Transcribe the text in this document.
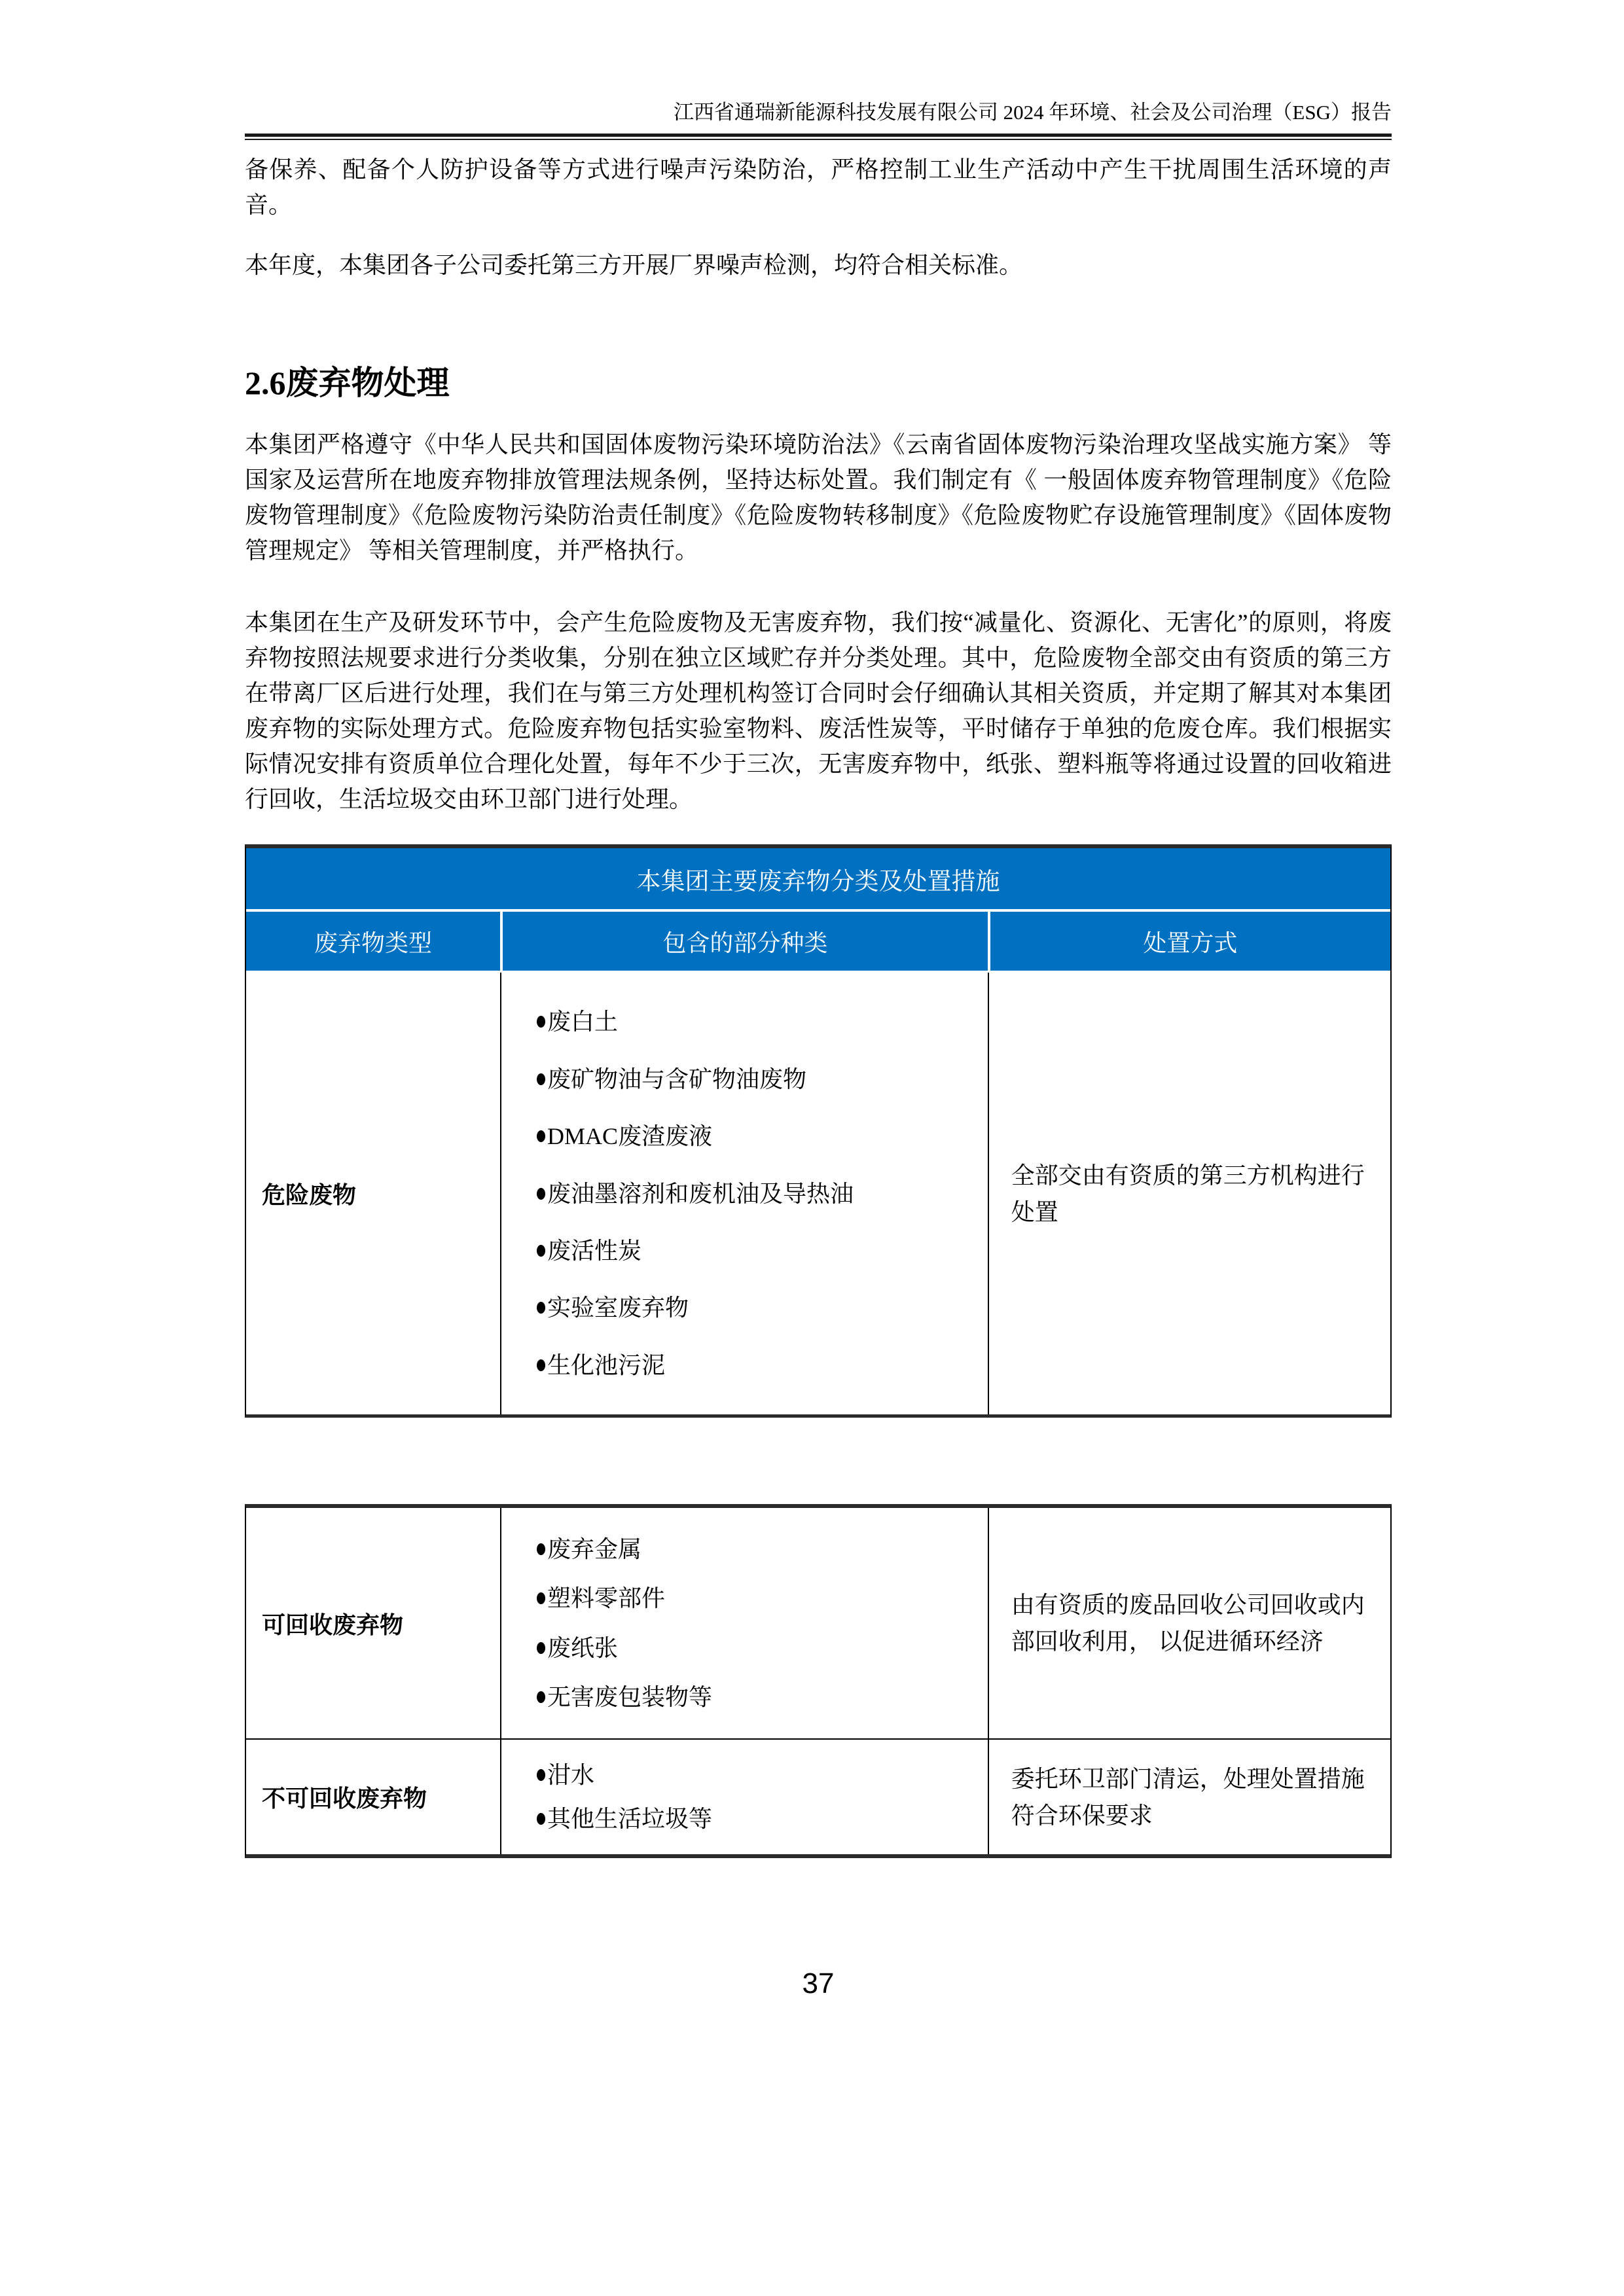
江西省通瑞新能源科技发展有限公司 2024 年环境、社会及公司治理（ESG）报告
备保养、配备个人防护设备等方式进行噪声污染防治，严格控制工业生产活动中产生干扰周围生活环境的声音。
本年度，本集团各子公司委托第三方开展厂界噪声检测，均符合相关标准。
2.6废弃物处理
本集团严格遵守《中华人民共和国固体废物污染环境防治法》《云南省固体废物污染治理攻坚战实施方案》 等国家及运营所在地废弃物排放管理法规条例，坚持达标处置。我们制定有《 一般固体废弃物管理制度》《危险废物管理制度》《危险废物污染防治责任制度》《危险废物转移制度》《危险废物贮存设施管理制度》《固体废物管理规定》 等相关管理制度，并严格执行。
本集团在生产及研发环节中，会产生危险废物及无害废弃物，我们按“减量化、资源化、无害化”的原则，将废弃物按照法规要求进行分类收集，分别在独立区域贮存并分类处理。其中，危险废物全部交由有资质的第三方在带离厂区后进行处理，我们在与第三方处理机构签订合同时会仔细确认其相关资质，并定期了解其对本集团废弃物的实际处理方式。危险废弃物包括实验室物料、废活性炭等，平时储存于单独的危废仓库。我们根据实际情况安排有资质单位合理化处置，每年不少于三次，无害废弃物中，纸张、塑料瓶等将通过设置的回收箱进行回收，生活垃圾交由环卫部门进行处理。
本集团主要废弃物分类及处置措施
废弃物类型	包含的部分种类	处置方式
危险废物
废白土
废矿物油与含矿物油废物
DMAC废渣废液
废油墨溶剂和废机油及导热油
废活性炭
实验室废弃物
生化池污泥
全部交由有资质的第三方机构进行处置
可回收废弃物
废弃金属
塑料零部件
废纸张
无害废包装物等
由有资质的废品回收公司回收或内部回收利用， 以促进循环经济
不可回收废弃物
泔水
其他生活垃圾等
委托环卫部门清运，处理处置措施符合环保要求
37
